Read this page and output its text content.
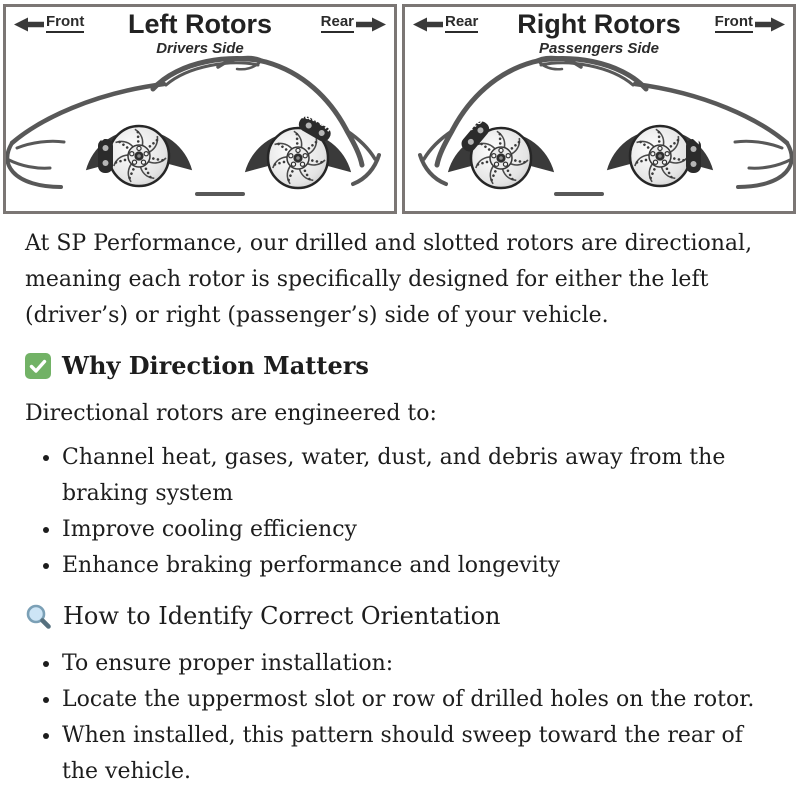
Front	Left Rotors
Drivers Side
Rear	Rear	Right Rotors
Passengers Side
Front

At SP Performance, our drilled and slotted rotors are directional, meaning each rotor is specifically designed for either the left (driver’s) or right (passenger’s) side of your vehicle.

Why Direction Matters

Directional rotors are engineered to:

• Channel heat, gases, water, dust, and debris away from the braking system
• Improve cooling efficiency
• Enhance braking performance and longevity
How to Identify Correct Orientation
• To ensure proper installation:
• Locate the uppermost slot or row of drilled holes on the rotor.
• When installed, this pattern should sweep toward the rear of the vehicle.
